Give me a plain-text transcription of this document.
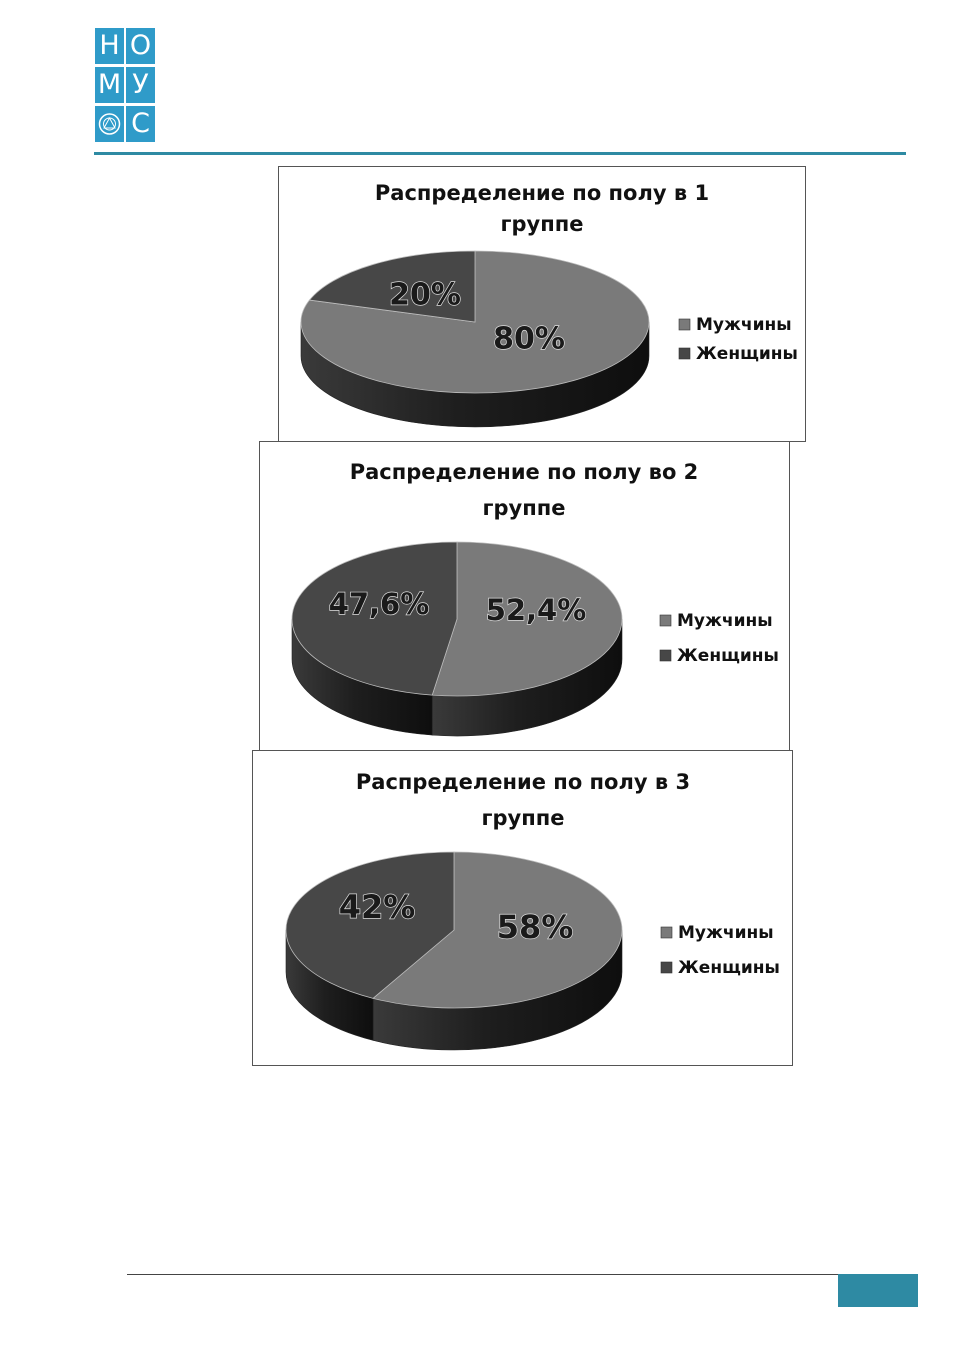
Н О
М У
С
Распределение по полу в 1
группе
80%
20%
Мужчины
Женщины
Распределение по полу во 2
группе
52,4%
47,6%	Мужчины
Женщины
Распределение по полу в 3
группе
58%
42%
Мужчины
Женщины
